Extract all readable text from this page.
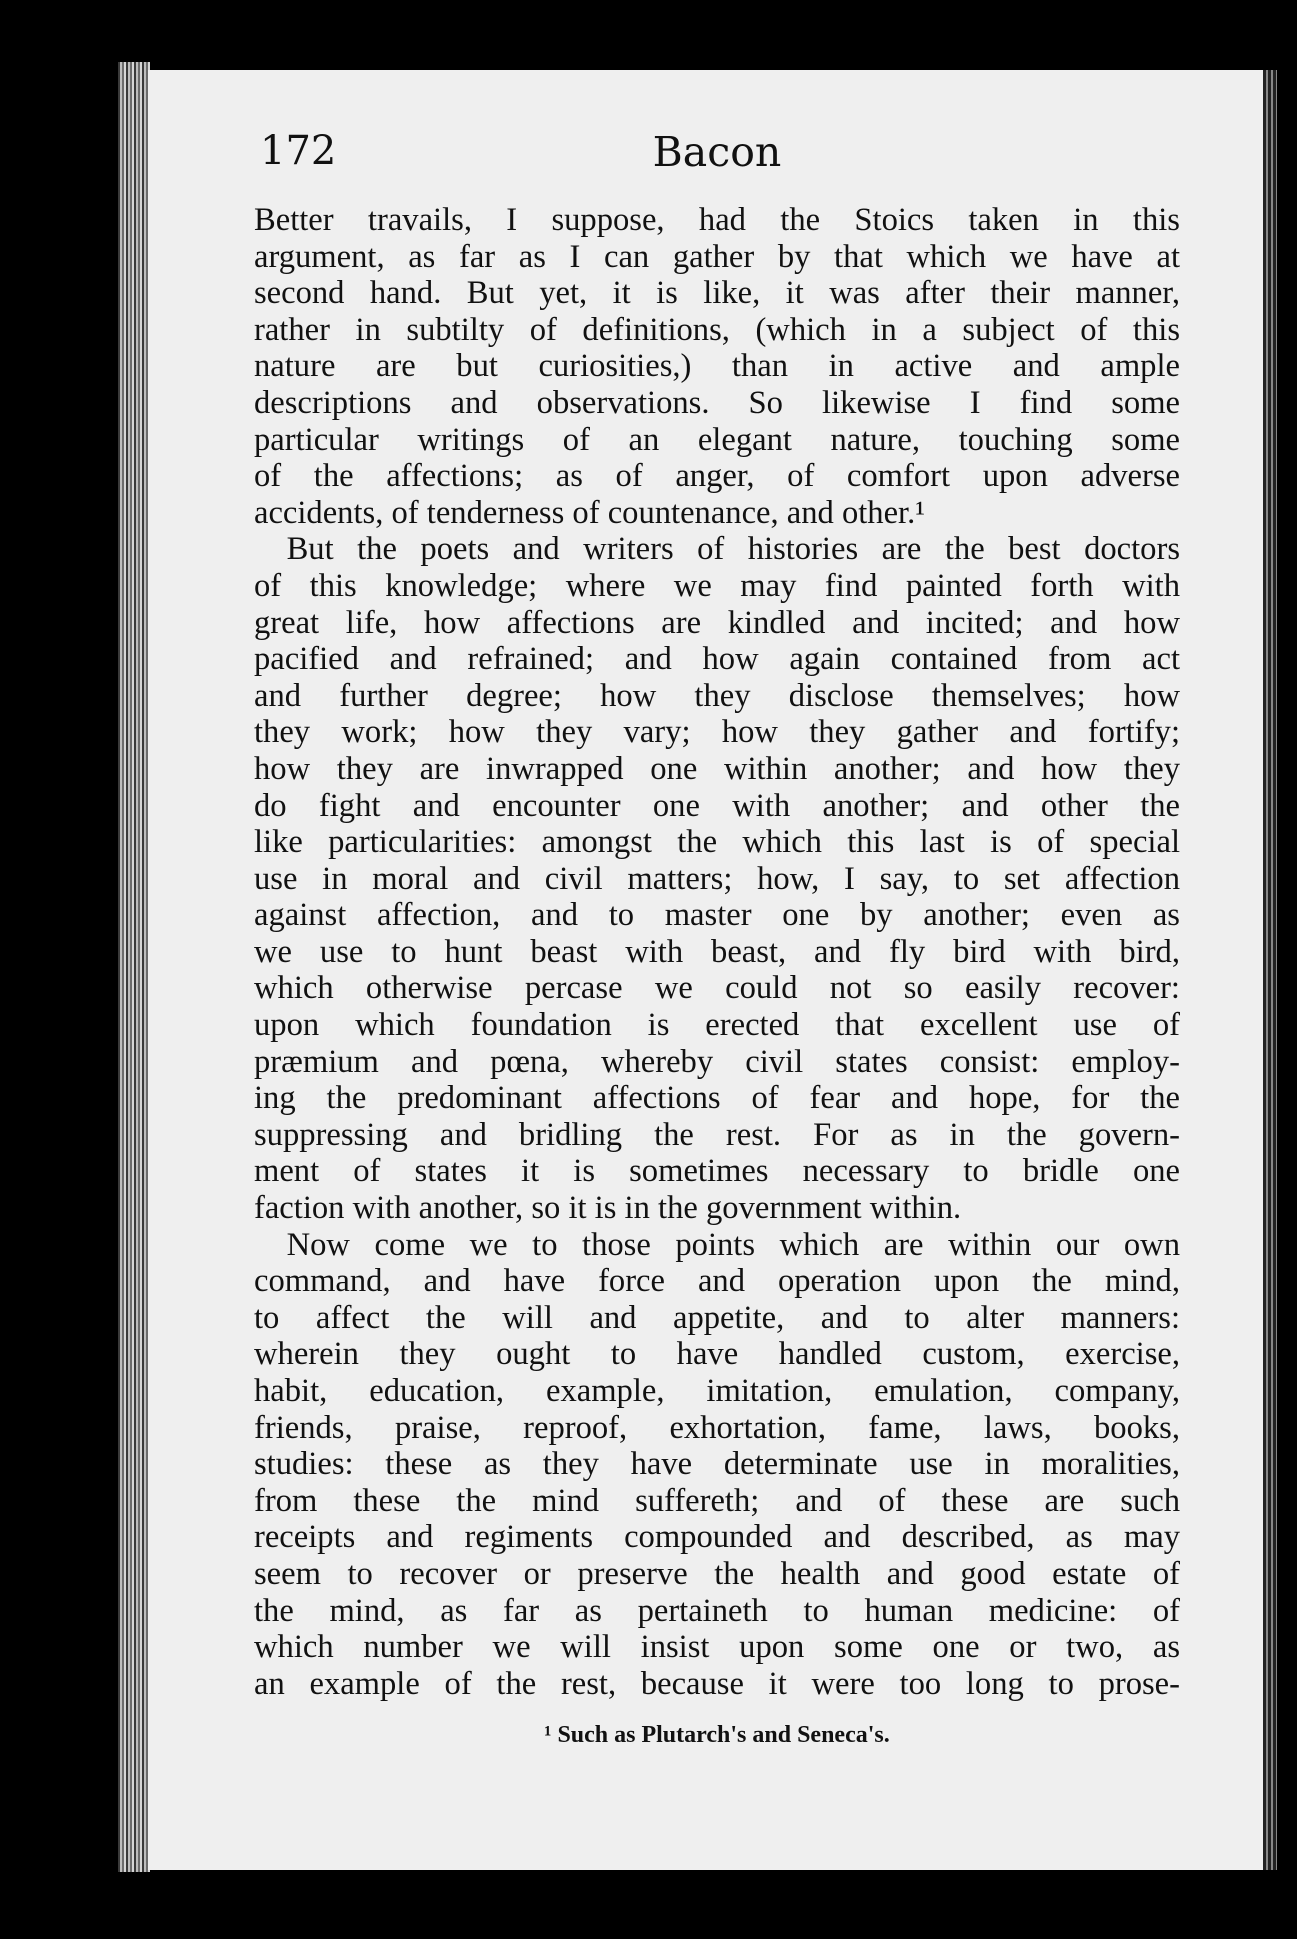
172	Bacon
Better travails, I suppose, had the Stoics taken in this
argument, as far as I can gather by that which we have at
second hand. But yet, it is like, it was after their manner,
rather in subtilty of definitions, (which in a subject of this
nature are but curiosities,) than in active and ample
descriptions and observations. So likewise I find some
particular writings of an elegant nature, touching some
of the affections; as of anger, of comfort upon adverse
accidents, of tenderness of countenance, and other.¹
 But the poets and writers of histories are the best doctors
of this knowledge; where we may find painted forth with
great life, how affections are kindled and incited; and how
pacified and refrained; and how again contained from act
and further degree; how they disclose themselves; how
they work; how they vary; how they gather and fortify;
how they are inwrapped one within another; and how they
do fight and encounter one with another; and other the
like particularities: amongst the which this last is of special
use in moral and civil matters; how, I say, to set affection
against affection, and to master one by another; even as
we use to hunt beast with beast, and fly bird with bird,
which otherwise percase we could not so easily recover:
upon which foundation is erected that excellent use of
præmium and pœna, whereby civil states consist: employ-
ing the predominant affections of fear and hope, for the
suppressing and bridling the rest. For as in the govern-
ment of states it is sometimes necessary to bridle one
faction with another, so it is in the government within.
 Now come we to those points which are within our own
command, and have force and operation upon the mind,
to affect the will and appetite, and to alter manners:
wherein they ought to have handled custom, exercise,
habit, education, example, imitation, emulation, company,
friends, praise, reproof, exhortation, fame, laws, books,
studies: these as they have determinate use in moralities,
from these the mind suffereth; and of these are such
receipts and regiments compounded and described, as may
seem to recover or preserve the health and good estate of
the mind, as far as pertaineth to human medicine: of
which number we will insist upon some one or two, as
an example of the rest, because it were too long to prose-
¹ Such as Plutarch's and Seneca's.
